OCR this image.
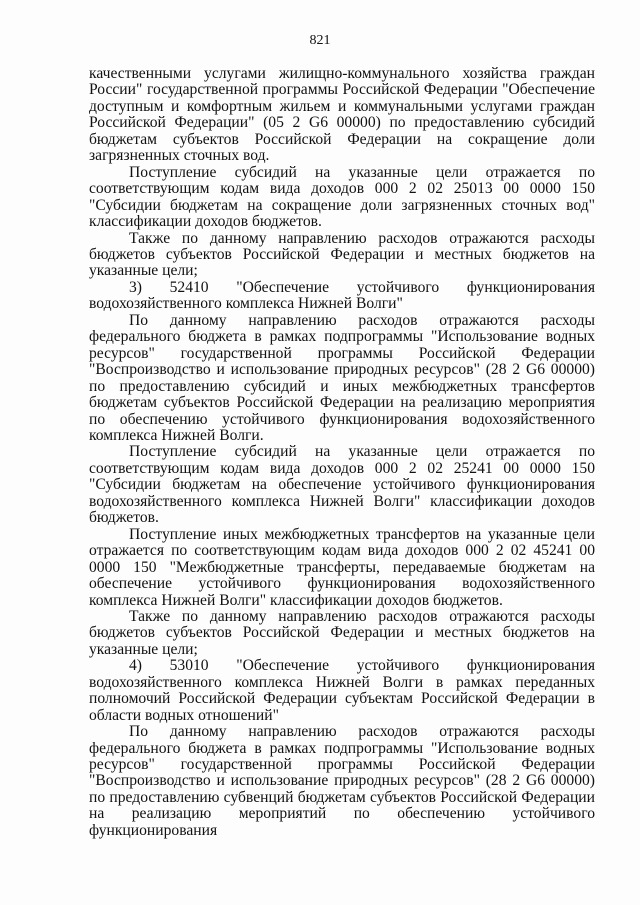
821

качественными услугами жилищно-коммунального хозяйства граждан России" государственной программы Российской Федерации "Обеспечение доступным и комфортным жильем и коммунальными услугами граждан Российской Федерации" (05 2 G6 00000) по предоставлению субсидий бюджетам субъектов Российской Федерации на сокращение доли загрязненных сточных вод.

Поступление субсидий на указанные цели отражается по соответствующим кодам вида доходов 000 2 02 25013 00 0000 150 "Субсидии бюджетам на сокращение доли загрязненных сточных вод" классификации доходов бюджетов.

Также по данному направлению расходов отражаются расходы бюджетов субъектов Российской Федерации и местных бюджетов на указанные цели;

3) 52410 "Обеспечение устойчивого функционирования водохозяйственного комплекса Нижней Волги"

По данному направлению расходов отражаются расходы федерального бюджета в рамках подпрограммы "Использование водных ресурсов" государственной программы Российской Федерации "Воспроизводство и использование природных ресурсов" (28 2 G6 00000) по предоставлению субсидий и иных межбюджетных трансфертов бюджетам субъектов Российской Федерации на реализацию мероприятия по обеспечению устойчивого функционирования водохозяйственного комплекса Нижней Волги.

Поступление субсидий на указанные цели отражается по соответствующим кодам вида доходов 000 2 02 25241 00 0000 150 "Субсидии бюджетам на обеспечение устойчивого функционирования водохозяйственного комплекса Нижней Волги" классификации доходов бюджетов.

Поступление иных межбюджетных трансфертов на указанные цели отражается по соответствующим кодам вида доходов 000 2 02 45241 00 0000 150 "Межбюджетные трансферты, передаваемые бюджетам на обеспечение устойчивого функционирования водохозяйственного комплекса Нижней Волги" классификации доходов бюджетов.

Также по данному направлению расходов отражаются расходы бюджетов субъектов Российской Федерации и местных бюджетов на указанные цели;

4) 53010 "Обеспечение устойчивого функционирования водохозяйственного комплекса Нижней Волги в рамках переданных полномочий Российской Федерации субъектам Российской Федерации в области водных отношений"

По данному направлению расходов отражаются расходы федерального бюджета в рамках подпрограммы "Использование водных ресурсов" государственной программы Российской Федерации "Воспроизводство и использование природных ресурсов" (28 2 G6 00000) по предоставлению субвенций бюджетам субъектов Российской Федерации на реализацию мероприятий по обеспечению устойчивого функционирования
